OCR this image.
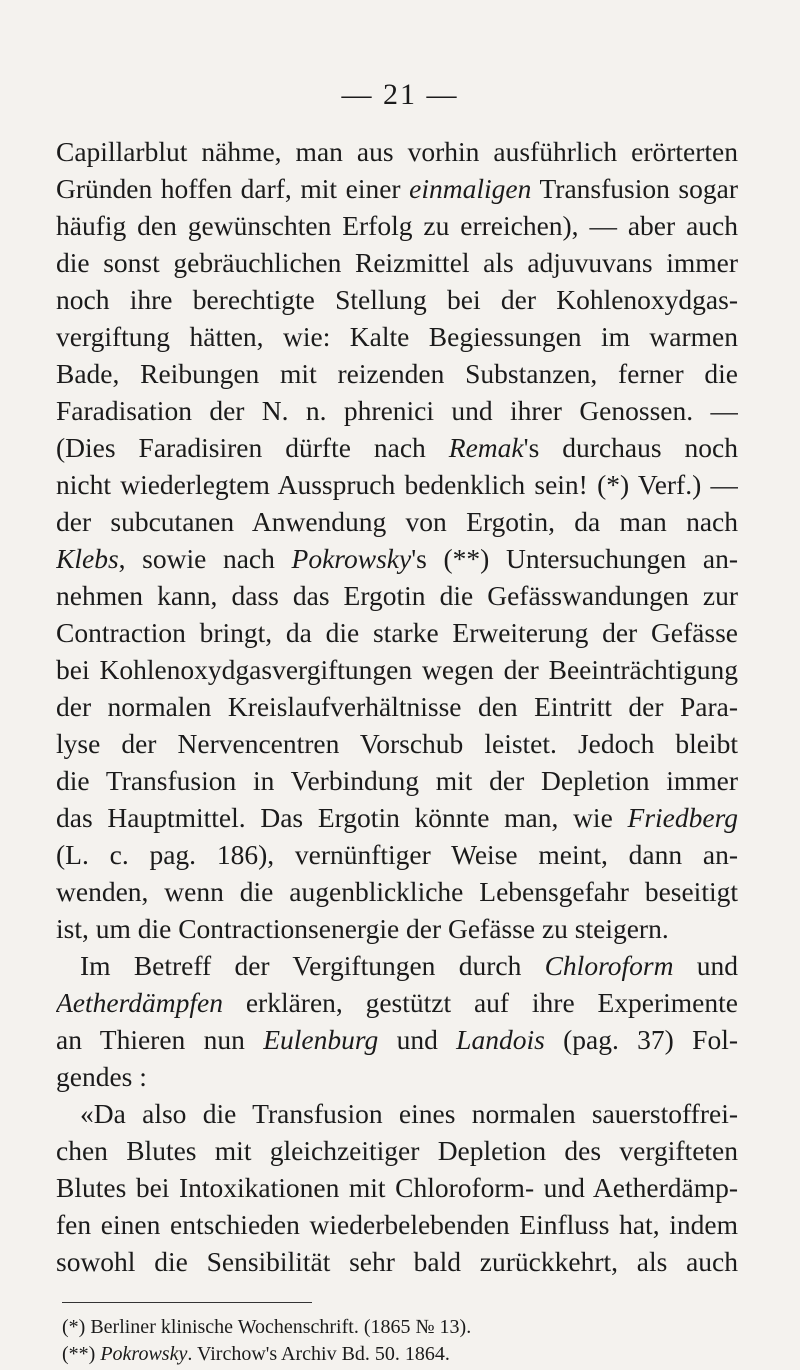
— 21 —
Capillarblut nähme, man aus vorhin ausführlich erörterten
Gründen hoffen darf, mit einer einmaligen Transfusion sogar
häufig den gewünschten Erfolg zu erreichen), — aber auch
die sonst gebräuchlichen Reizmittel als adjuvuvans immer
noch ihre berechtigte Stellung bei der Kohlenoxydgas-
vergiftung hätten, wie: Kalte Begiessungen im warmen
Bade, Reibungen mit reizenden Substanzen, ferner die
Faradisation der N. n. phrenici und ihrer Genossen. —
(Dies Faradisiren dürfte nach Remak's durchaus noch
nicht wiederlegtem Ausspruch bedenklich sein! (*) Verf.) —
der subcutanen Anwendung von Ergotin, da man nach
Klebs, sowie nach Pokrowsky's (**) Untersuchungen an-
nehmen kann, dass das Ergotin die Gefässwandungen zur
Contraction bringt, da die starke Erweiterung der Gefässe
bei Kohlenoxydgasvergiftungen wegen der Beeinträchtigung
der normalen Kreislaufverhältnisse den Eintritt der Para-
lyse der Nervencentren Vorschub leistet. Jedoch bleibt
die Transfusion in Verbindung mit der Depletion immer
das Hauptmittel. Das Ergotin könnte man, wie Friedberg
(L. c. pag. 186), vernünftiger Weise meint, dann an-
wenden, wenn die augenblickliche Lebensgefahr beseitigt
ist, um die Contractionsenergie der Gefässe zu steigern.
Im Betreff der Vergiftungen durch Chloroform und
Aetherdämpfen erklären, gestützt auf ihre Experimente
an Thieren nun Eulenburg und Landois (pag. 37) Fol-
gendes :
«Da also die Transfusion eines normalen sauerstoffrei-
chen Blutes mit gleichzeitiger Depletion des vergifteten
Blutes bei Intoxikationen mit Chloroform- und Aetherdämp-
fen einen entschieden wiederbelebenden Einfluss hat, indem
sowohl die Sensibilität sehr bald zurückkehrt, als auch
(*) Berliner klinische Wochenschrift. (1865 № 13).
(**) Pokrowsky. Virchow's Archiv Bd. 50. 1864.
